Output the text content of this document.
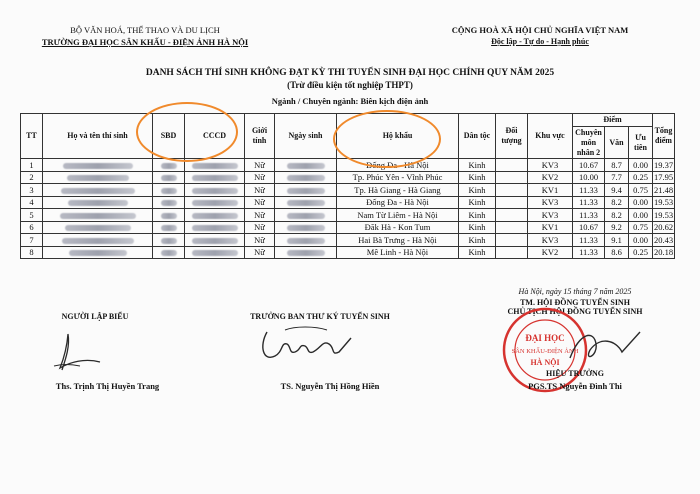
BỘ VĂN HOÁ, THỂ THAO VÀ DU LỊCH
TRƯỜNG ĐẠI HỌC SÂN KHẤU - ĐIỆN ẢNH HÀ NỘI
CỘNG HOÀ XÃ HỘI CHỦ NGHĨA VIỆT NAM
Độc lập - Tự do - Hạnh phúc
DANH SÁCH THÍ SINH KHÔNG ĐẠT KỲ THI TUYỂN SINH ĐẠI HỌC CHÍNH QUY NĂM 2025
(Trừ điều kiện tốt nghiệp THPT)
Ngành / Chuyên ngành: Biên kịch điện ảnh
TT	Họ và tên thí sinh	SBD	CCCD	Giới tính	Ngày sinh	Hộ khẩu	Dân tộc	Đối tượng	Khu vực	Điểm			Tổng điểm
										Chuyên môn nhân 2	Văn	Ưu tiên	
1				Nữ		Đống Đa - Hà Nội	Kinh		KV3	10.67	8.7	0.00	19.37
2				Nữ		Tp. Phúc Yên - Vĩnh Phúc	Kinh		KV2	10.00	7.7	0.25	17.95
3				Nữ		Tp. Hà Giang - Hà Giang	Kinh		KV1	11.33	9.4	0.75	21.48
4				Nữ		Đống Đa - Hà Nội	Kinh		KV3	11.33	8.2	0.00	19.53
5				Nữ		Nam Từ Liêm - Hà Nội	Kinh		KV3	11.33	8.2	0.00	19.53
6				Nữ		Đăk Hà - Kon Tum	Kinh		KV1	10.67	9.2	0.75	20.62
7				Nữ		Hai Bà Trưng - Hà Nội	Kinh		KV3	11.33	9.1	0.00	20.43
8				Nữ		Mê Linh - Hà Nội	Kinh		KV2	11.33	8.6	0.25	20.18
Hà Nội, ngày 15 tháng 7 năm 2025
NGƯỜI LẬP BIỂU	TRƯỞNG BAN THƯ KÝ TUYỂN SINH
TM. HỘI ĐỒNG TUYỂN SINH
CHỦ TỊCH HỘI ĐỒNG TUYỂN SINH
ĐẠI HỌC
SÂN KHẤU-ĐIỆN ẢNH
HÀ NỘI
HIỆU TRƯỞNG
Ths. Trịnh Thị Huyền Trang	TS. Nguyễn Thị Hồng Hiền	PGS.TS Nguyễn Đình Thi
